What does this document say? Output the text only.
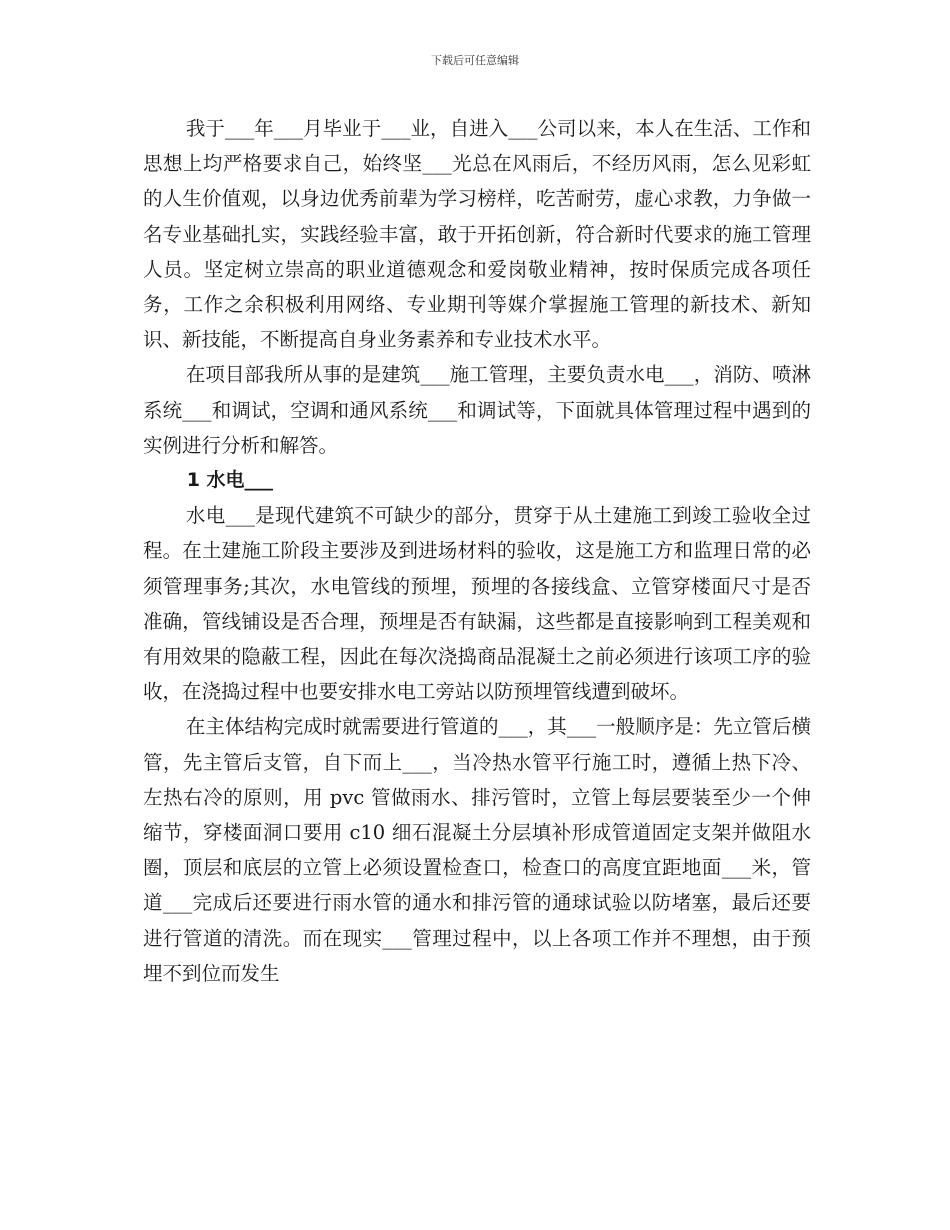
下载后可任意编辑

我于___年___月毕业于___业，自进入___公司以来，本人在生活、工作和思想上均严格要求自己，始终坚___光总在风雨后，不经历风雨，怎么见彩虹的人生价值观，以身边优秀前辈为学习榜样，吃苦耐劳，虚心求教，力争做一名专业基础扎实，实践经验丰富，敢于开拓创新，符合新时代要求的施工管理人员。坚定树立崇高的职业道德观念和爱岗敬业精神，按时保质完成各项任务，工作之余积极利用网络、专业期刊等媒介掌握施工管理的新技术、新知识、新技能，不断提高自身业务素养和专业技术水平。

在项目部我所从事的是建筑___施工管理，主要负责水电___，消防、喷淋系统___和调试，空调和通风系统___和调试等，下面就具体管理过程中遇到的实例进行分析和解答。

1 水电___

水电___是现代建筑不可缺少的部分，贯穿于从土建施工到竣工验收全过程。在土建施工阶段主要涉及到进场材料的验收，这是施工方和监理日常的必须管理事务;其次，水电管线的预埋，预埋的各接线盒、立管穿楼面尺寸是否准确，管线铺设是否合理，预埋是否有缺漏，这些都是直接影响到工程美观和有用效果的隐蔽工程，因此在每次浇捣商品混凝土之前必须进行该项工序的验收，在浇捣过程中也要安排水电工旁站以防预埋管线遭到破坏。

在主体结构完成时就需要进行管道的___，其___一般顺序是：先立管后横管，先主管后支管，自下而上___，当冷热水管平行施工时，遵循上热下冷、左热右冷的原则，用 pvc 管做雨水、排污管时，立管上每层要装至少一个伸缩节，穿楼面洞口要用 c10 细石混凝土分层填补形成管道固定支架并做阻水圈，顶层和底层的立管上必须设置检查口，检查口的高度宜距地面___米，管道___完成后还要进行雨水管的通水和排污管的通球试验以防堵塞，最后还要进行管道的清洗。而在现实___管理过程中，以上各项工作并不理想，由于预埋不到位而发生
